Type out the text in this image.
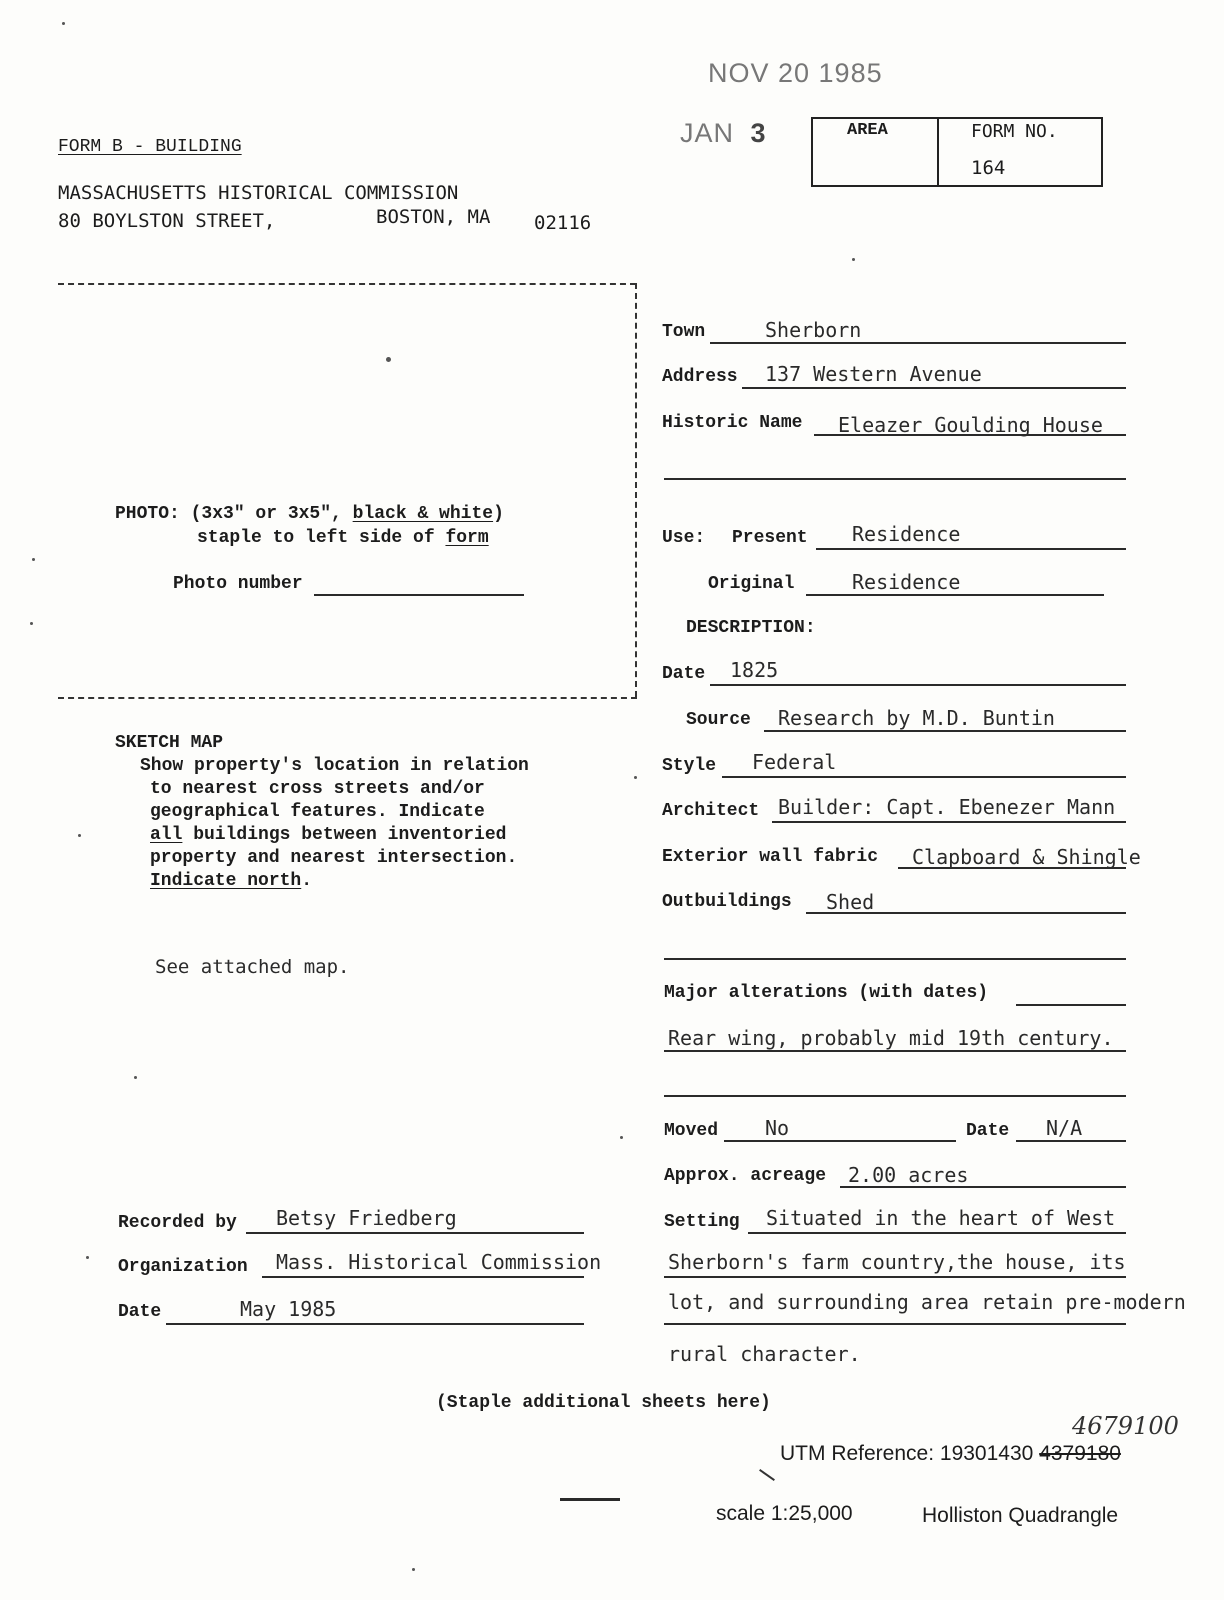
NOV 20 1985
JAN 3
FORM B - BUILDING
MASSACHUSETTS HISTORICAL COMMISSION
80 BOYLSTON STREET,	BOSTON, MA 02116
AREA	FORM NO.
164
PHOTO: (3x3" or 3x5", black & white)
staple to left side of form
Photo number
SKETCH MAP
Show property's location in relation
to nearest cross streets and/or
geographical features. Indicate
all buildings between inventoried
property and nearest intersection.
Indicate north.
See attached map.
Recorded by Betsy Friedberg
Organization Mass. Historical Commission
Date	May 1985
Town	Sherborn
Address 137 Western Avenue
Historic Name Eleazer Goulding House
Use: Present Residence
Original	Residence
DESCRIPTION:
Date 1825
Source Research by M.D. Buntin
Style Federal
Architect Builder: Capt. Ebenezer Mann
Exterior wall fabric Clapboard & Shingle
Outbuildings Shed
Major alterations (with dates)
Rear wing, probably mid 19th century.
Moved No	Date N/A
Approx. acreage 2.00 acres
Setting Situated in the heart of West
Sherborn's farm country,the house, its
lot, and surrounding area retain pre-modern
rural character.
(Staple additional sheets here)
4679100
UTM Reference: 19301430 4379180
scale 1:25,000	Holliston Quadrangle
